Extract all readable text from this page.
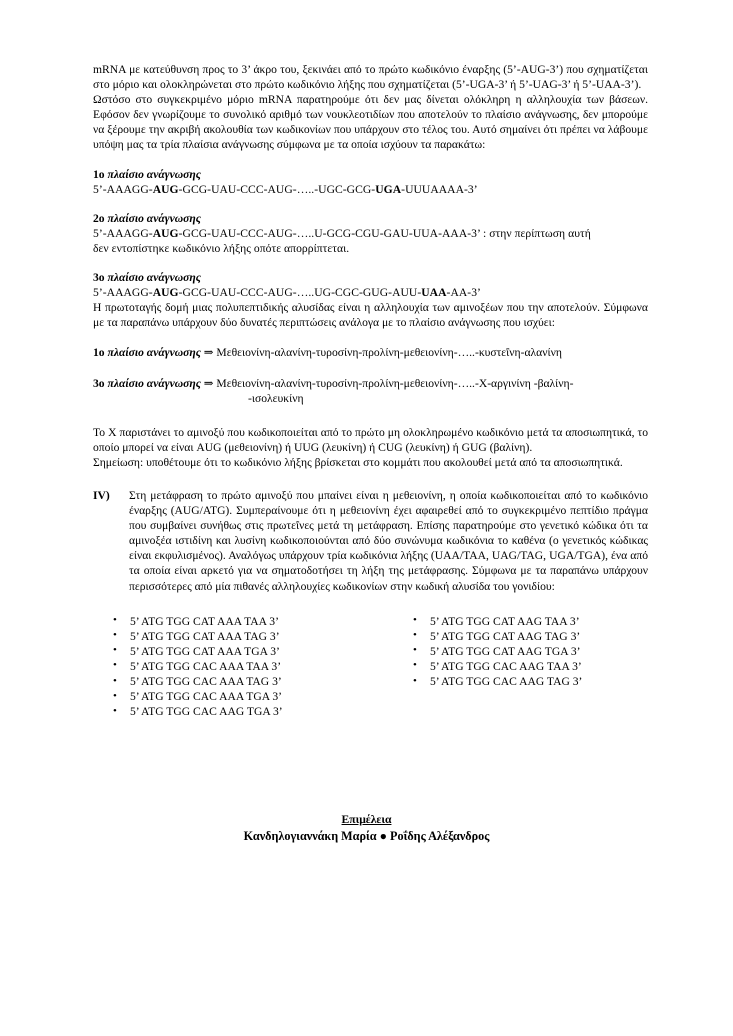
mRNA με κατεύθυνση προς το 3’ άκρο του, ξεκινάει από το πρώτο κωδικόνιο έναρξης (5’-AUG-3’) που σχηματίζεται στο μόριο και ολοκληρώνεται στο πρώτο κωδικόνιο λήξης που σχηματίζεται (5’-UGA-3’ ή 5’-UAG-3’ ή 5’-UAA-3’).

Ωστόσο στο συγκεκριμένο μόριο mRNA παρατηρούμε ότι δεν μας δίνεται ολόκληρη η αλληλουχία των βάσεων. Εφόσον δεν γνωρίζουμε το συνολικό αριθμό των νουκλεοτιδίων που αποτελούν το πλαίσιο ανάγνωσης, δεν μπορούμε να ξέρουμε την ακριβή ακολουθία των κωδικονίων που υπάρχουν στο τέλος του. Αυτό σημαίνει ότι πρέπει να λάβουμε υπόψη μας τα τρία πλαίσια ανάγνωσης σύμφωνα με τα οποία ισχύουν τα παρακάτω:

1ο πλαίσιο ανάγνωσης
5’-AAAGG-AUG-GCG-UAU-CCC-AUG-…..-UGC-GCG-UGA-UUUAAAA-3’
2ο πλαίσιο ανάγνωσης
5’-AAAGG-AUG-GCG-UAU-CCC-AUG-…..U-GCG-CGU-GAU-UUA-AAA-3’ : στην περίπτωση αυτή
δεν εντοπίστηκε κωδικόνιο λήξης οπότε απορρίπτεται.
3ο πλαίσιο ανάγνωσης
5’-AAAGG-AUG-GCG-UAU-CCC-AUG-…..UG-CGC-GUG-AUU-UAA-AA-3’

Η πρωτοταγής δομή μιας πολυπεπτιδικής αλυσίδας είναι η αλληλουχία των αμινοξέων που την αποτελούν. Σύμφωνα με τα παραπάνω υπάρχουν δύο δυνατές περιπτώσεις ανάλογα με το πλαίσιο ανάγνωσης που ισχύει:

1ο πλαίσιο ανάγνωσης ⇒ Μεθειονίνη-αλανίνη-τυροσίνη-προλίνη-μεθειονίνη-…..-κυστεΐνη-αλανίνη
3ο πλαίσιο ανάγνωσης ⇒ Μεθειονίνη-αλανίνη-τυροσίνη-προλίνη-μεθειονίνη-…..-Χ-αργινίνη -βαλίνη-
-ισολευκίνη

Το Χ παριστάνει το αμινοξύ που κωδικοποιείται από το πρώτο μη ολοκληρωμένο κωδικόνιο μετά τα αποσιωπητικά, το οποίο μπορεί να είναι AUG (μεθειονίνη) ή UUG (λευκίνη) ή CUG (λευκίνη) ή GUG (βαλίνη).

Σημείωση: υποθέτουμε ότι το κωδικόνιο λήξης βρίσκεται στο κομμάτι που ακολουθεί μετά από τα αποσιωπητικά.

IV) Στη μετάφραση το πρώτο αμινοξύ που μπαίνει είναι η μεθειονίνη, η οποία κωδικοποιείται από το κωδικόνιο έναρξης (AUG/ATG). Συμπεραίνουμε ότι η μεθειονίνη έχει αφαιρεθεί από το συγκεκριμένο πεπτίδιο πράγμα που συμβαίνει συνήθως στις πρωτεΐνες μετά τη μετάφραση. Επίσης παρατηρούμε στο γενετικό κώδικα ότι τα αμινοξέα ιστιδίνη και λυσίνη κωδικοποιούνται από δύο συνώνυμα κωδικόνια το καθένα (ο γενετικός κώδικας είναι εκφυλισμένος). Αναλόγως υπάρχουν τρία κωδικόνια λήξης (UAA/TAA, UAG/TAG, UGA/TGA), ένα από τα οποία είναι αρκετό για να σηματοδοτήσει τη λήξη της μετάφρασης. Σύμφωνα με τα παραπάνω υπάρχουν περισσότερες από μία πιθανές αλληλουχίες κωδικονίων στην κωδική αλυσίδα του γονιδίου:
• 5’ ATG TGG CAT AAA TAA 3’
• 5’ ATG TGG CAT AAA TAG 3’
• 5’ ATG TGG CAT AAA TGA 3’
• 5’ ATG TGG CAC AAA TAA 3’
• 5’ ATG TGG CAC AAA TAG 3’
• 5’ ATG TGG CAC AAA TGA 3’
• 5’ ATG TGG CAC AAG TGA 3’
• 5’ ATG TGG CAT AAG TAA 3’
• 5’ ATG TGG CAT AAG TAG 3’
• 5’ ATG TGG CAT AAG TGA 3’
• 5’ ATG TGG CAC AAG TAA 3’
• 5’ ATG TGG CAC AAG TAG 3’
Επιμέλεια
Κανδηλογιαννάκη Μαρία ● Ροΐδης Αλέξανδρος
